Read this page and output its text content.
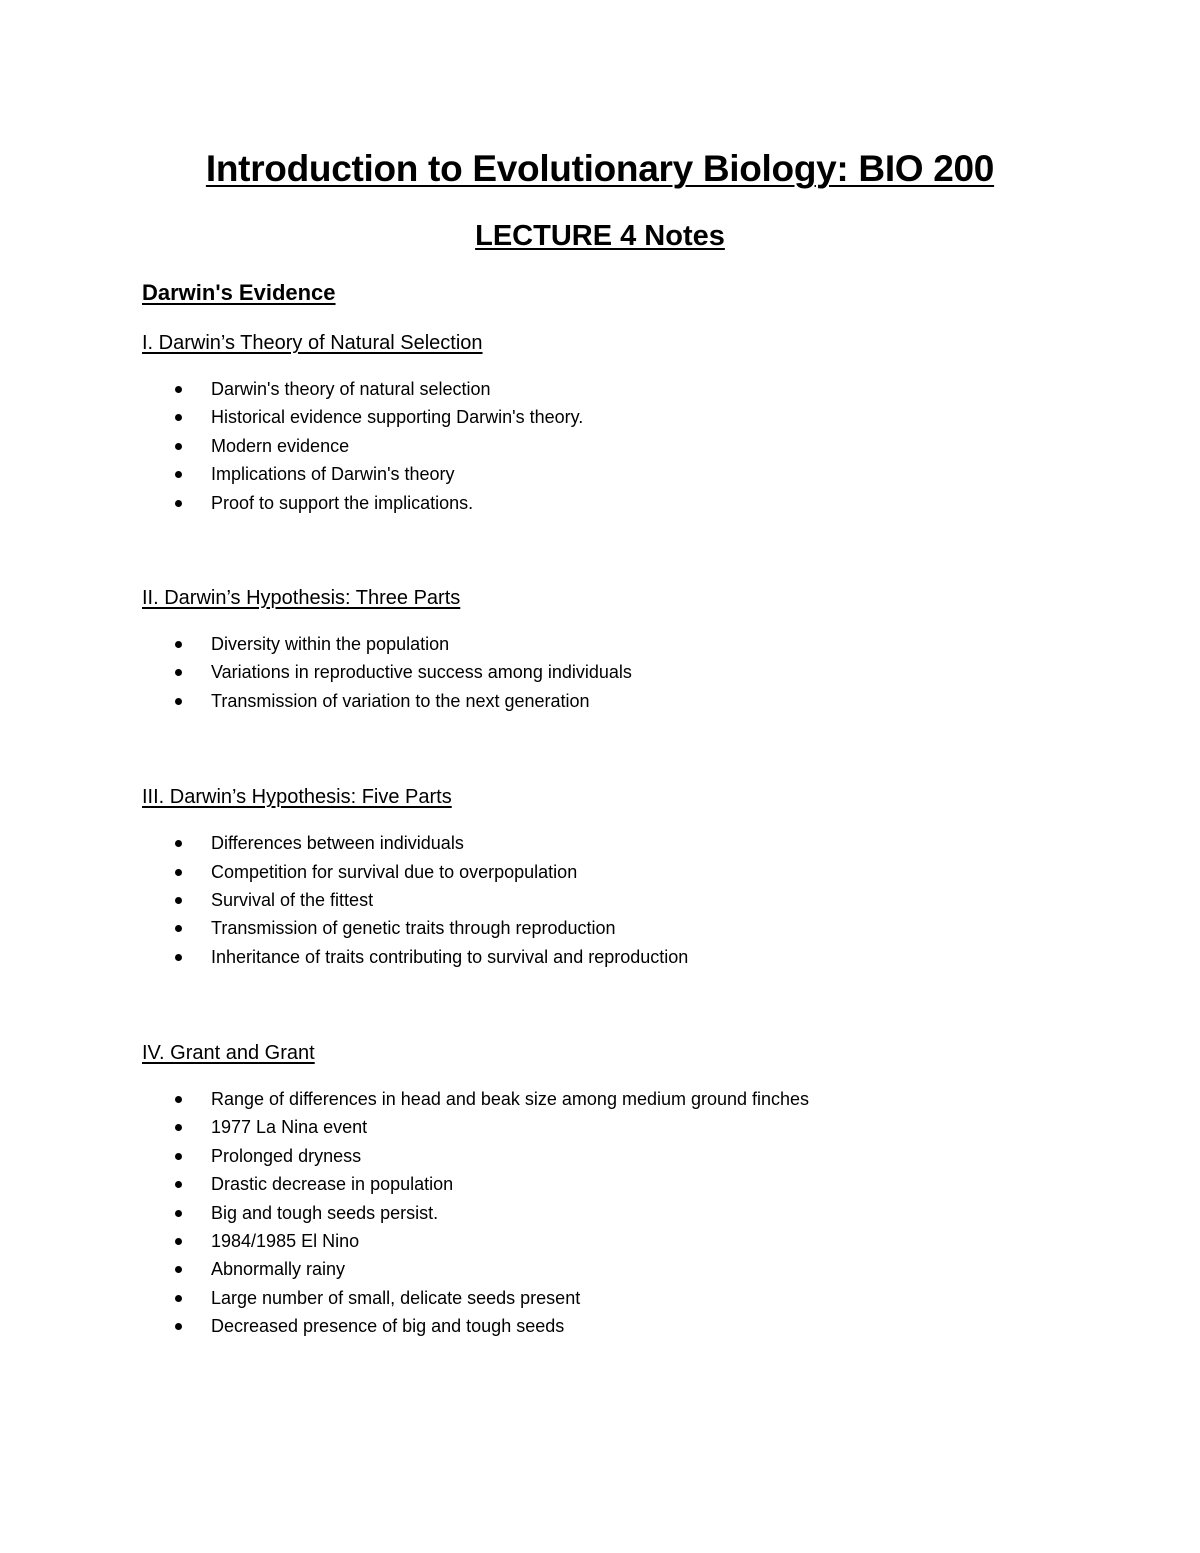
Introduction to Evolutionary Biology: BIO 200
LECTURE 4 Notes
Darwin's Evidence
I. Darwin’s Theory of Natural Selection
Darwin's theory of natural selection
Historical evidence supporting Darwin's theory.
Modern evidence
Implications of Darwin's theory
Proof to support the implications.
II. Darwin’s Hypothesis: Three Parts
Diversity within the population
Variations in reproductive success among individuals
Transmission of variation to the next generation
III. Darwin’s Hypothesis: Five Parts
Differences between individuals
Competition for survival due to overpopulation
Survival of the fittest
Transmission of genetic traits through reproduction
Inheritance of traits contributing to survival and reproduction
IV. Grant and Grant
Range of differences in head and beak size among medium ground finches
1977 La Nina event
Prolonged dryness
Drastic decrease in population
Big and tough seeds persist.
1984/1985 El Nino
Abnormally rainy
Large number of small, delicate seeds present
Decreased presence of big and tough seeds
